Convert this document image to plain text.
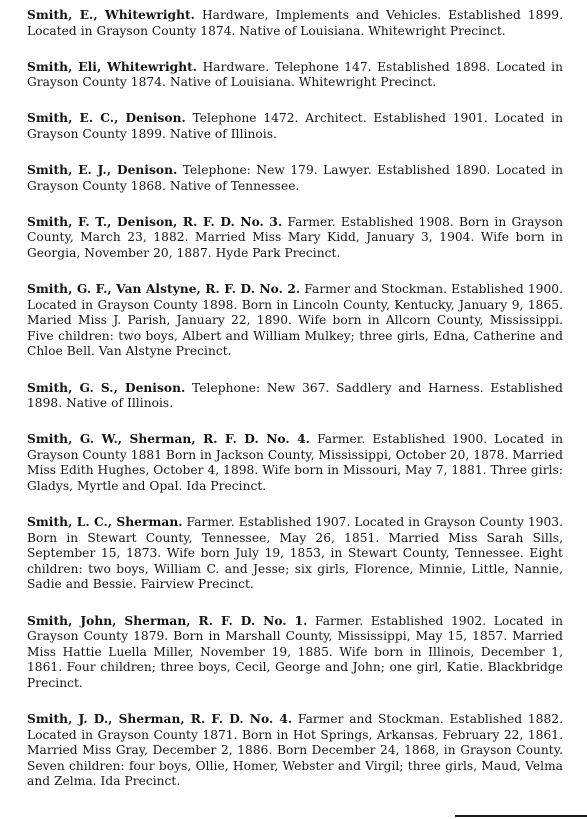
Smith, E., Whitewright. Hardware, Implements and Vehicles. Established 1899. Located in Grayson County 1874. Native of Louisiana. Whitewright Precinct.

Smith, Eli, Whitewright. Hardware. Telephone 147. Established 1898. Located in Grayson County 1874. Native of Louisiana. Whitewright Precinct.

Smith, E. C., Denison. Telephone 1472. Architect. Established 1901. Located in Grayson County 1899. Native of Illinois.

Smith, E. J., Denison. Telephone: New 179. Lawyer. Established 1890. Located in Grayson County 1868. Native of Tennessee.

Smith, F. T., Denison, R. F. D. No. 3. Farmer. Established 1908. Born in Grayson County, March 23, 1882. Married Miss Mary Kidd, January 3, 1904. Wife born in Georgia, November 20, 1887. Hyde Park Precinct.

Smith, G. F., Van Alstyne, R. F. D. No. 2. Farmer and Stockman. Established 1900. Located in Grayson County 1898. Born in Lincoln County, Kentucky, January 9, 1865. Maried Miss J. Parish, January 22, 1890. Wife born in Allcorn County, Mississippi. Five children: two boys, Albert and William Mulkey; three girls, Edna, Catherine and Chloe Bell. Van Alstyne Precinct.

Smith, G. S., Denison. Telephone: New 367. Saddlery and Harness. Established 1898. Native of Illinois.

Smith, G. W., Sherman, R. F. D. No. 4. Farmer. Established 1900. Located in Grayson County 1881 Born in Jackson County, Mississippi, October 20, 1878. Married Miss Edith Hughes, October 4, 1898. Wife born in Missouri, May 7, 1881. Three girls: Gladys, Myrtle and Opal. Ida Precinct.

Smith, L. C., Sherman. Farmer. Established 1907. Located in Grayson County 1903. Born in Stewart County, Tennessee, May 26, 1851. Married Miss Sarah Sills, September 15, 1873. Wife born July 19, 1853, in Stewart County, Tennessee. Eight children: two boys, William C. and Jesse; six girls, Florence, Minnie, Little, Nannie, Sadie and Bessie. Fairview Precinct.

Smith, John, Sherman, R. F. D. No. 1. Farmer. Established 1902. Located in Grayson County 1879. Born in Marshall County, Mississippi, May 15, 1857. Married Miss Hattie Luella Miller, November 19, 1885. Wife born in Illinois, December 1, 1861. Four children; three boys, Cecil, George and John; one girl, Katie. Blackbridge Precinct.

Smith, J. D., Sherman, R. F. D. No. 4. Farmer and Stockman. Established 1882. Located in Grayson County 1871. Born in Hot Springs, Arkansas, February 22, 1861. Married Miss Gray, December 2, 1886. Born December 24, 1868, in Grayson County. Seven children: four boys, Ollie, Homer, Webster and Virgil; three girls, Maud, Velma and Zelma. Ida Precinct.
